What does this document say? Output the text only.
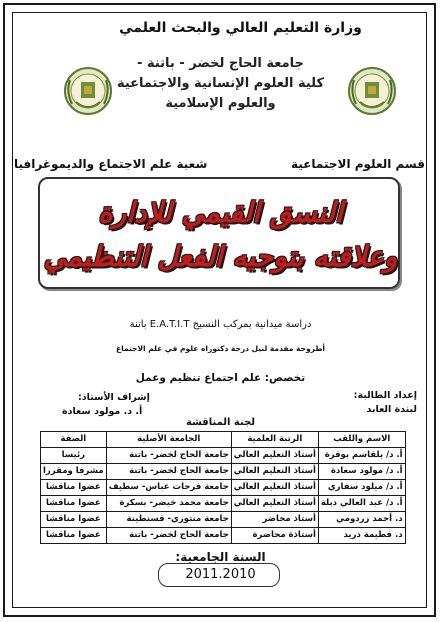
وزارة التعليم العالي والبحث العلمي
جامعة الحاج لخضر - باتنة -
كلية العلوم الإنسانية والاجتماعية
والعلوم الإسلامية
قسم العلوم الاجتماعية
شعبة علم الاجتماع والديموغرافيا
النسق القيمي للإدارة
وعلاقته بتوجيه الفعل التنظيمي
دراسة ميدانية بمركب النسيج E.A.T.I.T باتنة
أطروحة مقدمة لنيل درجة دكتوراه علوم في علم الاجتماع
تخصص: علم اجتماع تنظيم وعمل
إعداد الطالبة:
لبندة العابد
إشراف الأستاذ:
أ. د. مولود سعادة
لجنة المناقشة
الاسم واللقب	الرتبة العلمية	الجامعة الأصلية	الصفة
أ. د/ بلقاسم بوقرة	أستاذ التعليم العالي	جامعة الحاج لخضر- باتنة	رئيسا
أ. د/ مولود سعادة	أستاذ التعليم العالي	جامعة الحاج لخضر- باتنة	مشرفا ومقررا
أ. د/ ميلود سفاري	أستاذ التعليم العالي	جامعة فرحات عباس- سطيف	عضوا مناقشا
أ. د/ عبد العالي دبلة	أستاذ التعليم العالي	جامعة محمد خيضر- بسكرة	عضوا مناقشا
د. أحمد زردومي	أستاذ محاضر	جامعة منتوري- قسنطينة	عضوا مناقشا
د. فطيمة دريد	أستاذة محاضرة	جامعة الحاج لخضر- باتنة	عضوا مناقشا
السنة الجامعية:
2011.2010
